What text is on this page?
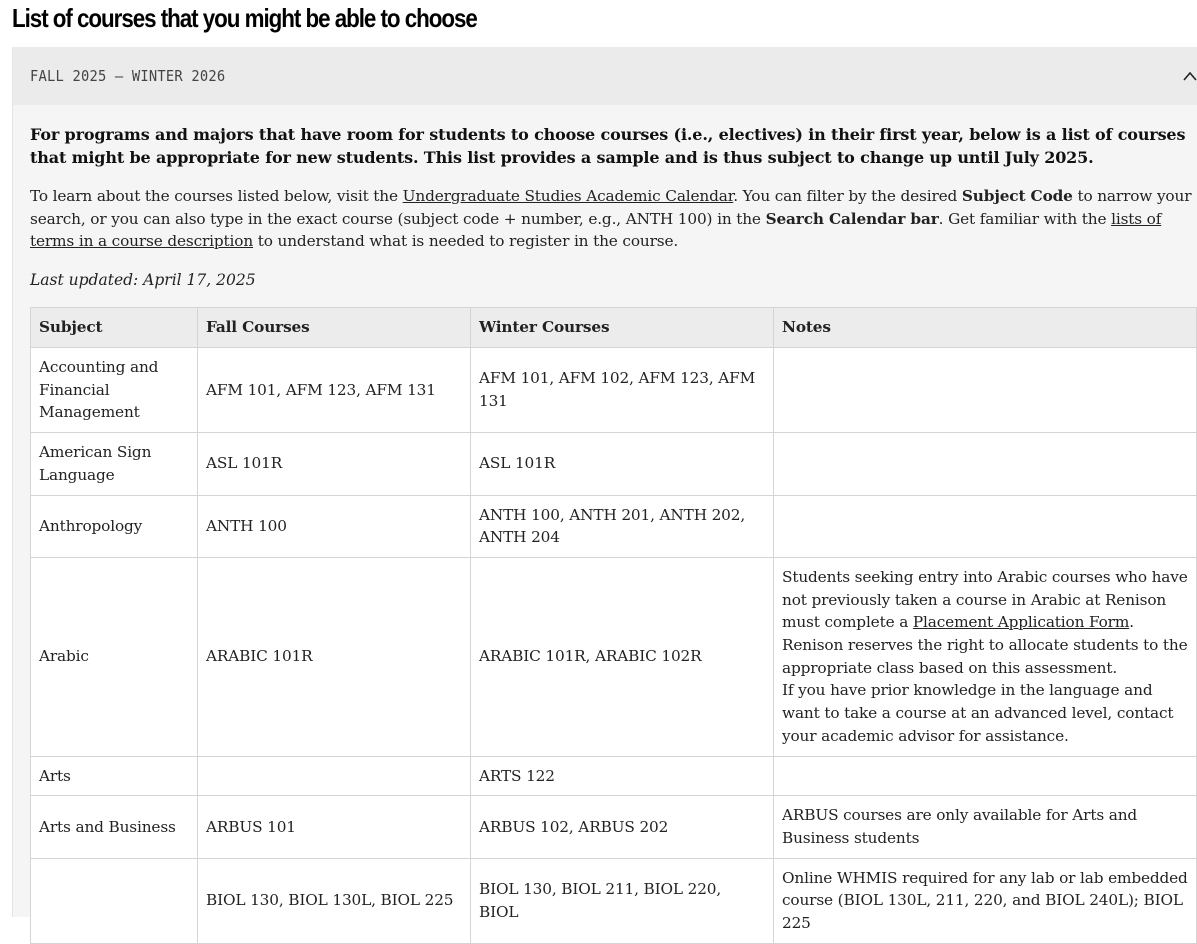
List of courses that you might be able to choose
FALL 2025 – WINTER 2026

For programs and majors that have room for students to choose courses (i.e., electives) in their first year, below is a list of courses that might be appropriate for new students. This list provides a sample and is thus subject to change up until July 2025.

To learn about the courses listed below, visit the Undergraduate Studies Academic Calendar. You can filter by the desired Subject Code to narrow your search, or you can also type in the exact course (subject code + number, e.g., ANTH 100) in the Search Calendar bar. Get familiar with the lists of terms in a course description to understand what is needed to register in the course.

Last updated: April 17, 2025

Subject	Fall Courses	Winter Courses	Notes
Accounting and Financial Management	AFM 101, AFM 123, AFM 131	AFM 101, AFM 102, AFM 123, AFM 131	
American Sign Language	ASL 101R	ASL 101R	
Anthropology	ANTH 100	ANTH 100, ANTH 201, ANTH 202, ANTH 204	
Arabic	ARABIC 101R	ARABIC 101R, ARABIC 102R	Students seeking entry into Arabic courses who have not previously taken a course in Arabic at Renison must complete a Placement Application Form. Renison reserves the right to allocate students to the appropriate class based on this assessment.
If you have prior knowledge in the language and want to take a course at an advanced level, contact your academic advisor for assistance.

Arts		ARTS 122	
Arts and Business	ARBUS 101	ARBUS 102, ARBUS 202	ARBUS courses are only available for Arts and Business students
	BIOL 130, BIOL 130L, BIOL 225	BIOL 130, BIOL 211, BIOL 220, BIOL	Online WHMIS required for any lab or lab embedded course (BIOL 130L, 211, 220, and BIOL 240L); BIOL 225
